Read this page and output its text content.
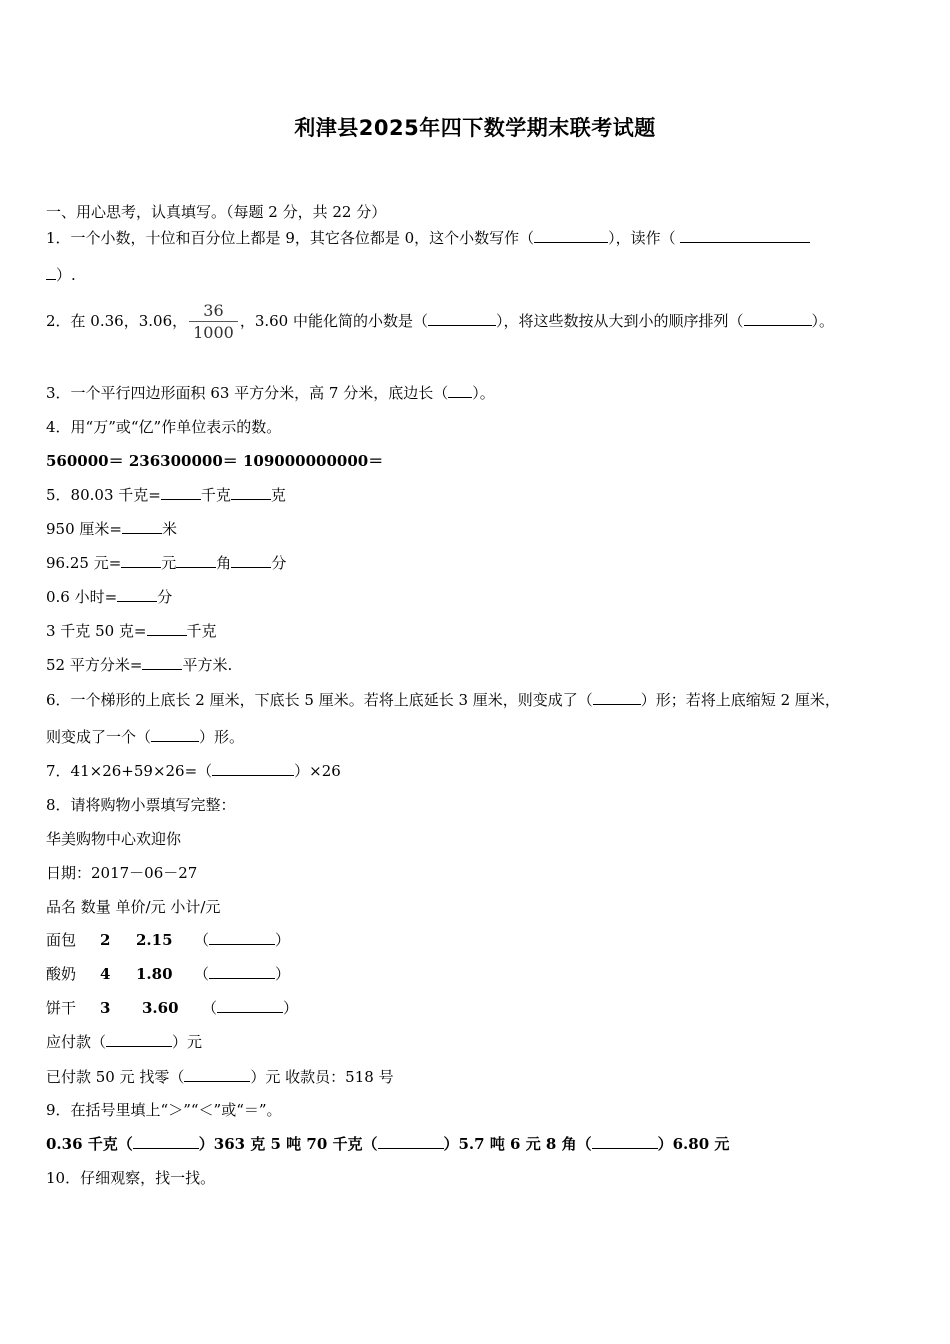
利津县2025年四下数学期末联考试题
一、用心思考，认真填写。（每题 2 分，共 22 分）
1．一个小数，十位和百分位上都是 9，其它各位都是 0，这个小数写作（	），读作（
）.
2．在 0.36，3.06， $\frac{36}{1000}$ ，3.60 中能化简的小数是（	），将这些数按从大到小的顺序排列（	）。
3．一个平行四边形面积 63 平方分米，高 7 分米，底边长（ ）。
4．用“万”或“亿”作单位表示的数。
560000＝ 236300000＝ 109000000000＝
5．80.03 千克=	千克	克
950 厘米=	米
96.25 元=	元	角	分
0.6 小时=	分
3 千克 50 克=	千克
52 平方分米=	平方米.
6．一个梯形的上底长 2 厘米，下底长 5 厘米。若将上底延长 3 厘米，则变成了（	）形；若将上底缩短 2 厘米，
则变成了一个（	）形。
7．41×26+59×26=（	）×26
8．请将购物小票填写完整：
华美购物中心欢迎你
日期：2017－06－27
品名 数量 单价/元 小计/元
面包 2 2.15 （	）
酸奶 4 1.80 （	）
饼干 3 3.60 （	）
应付款（	）元
已付款 50 元 找零（	）元 收款员：518 号
9．在括号里填上“＞”“＜”或“＝”。
0.36 千克（	）363 克 5 吨 70 千克（	）5.7 吨 6 元 8 角（	）6.80 元
10．仔细观察，找一找。
